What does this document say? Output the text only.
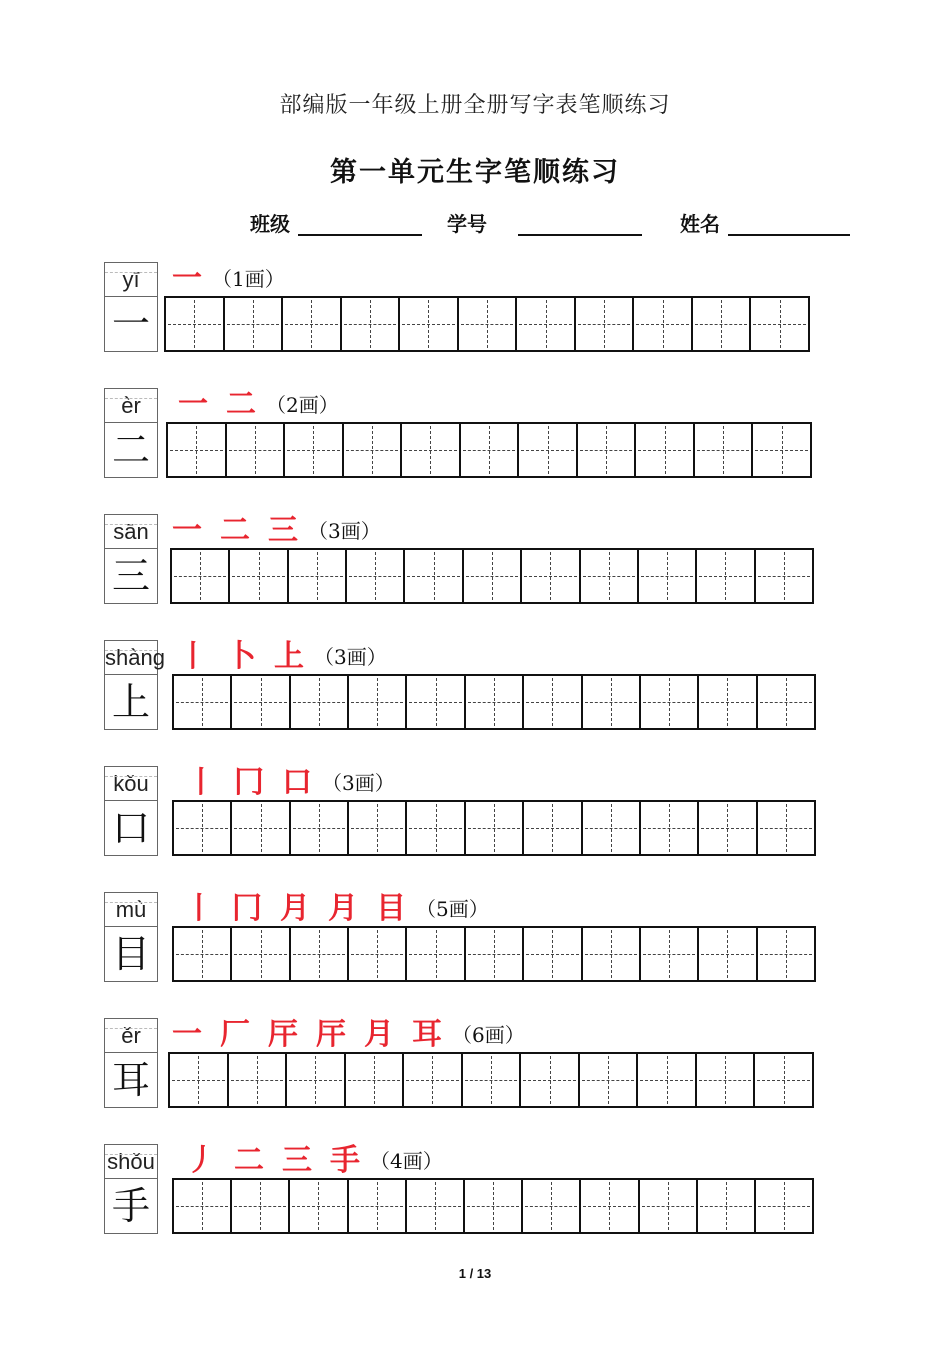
部编版一年级上册全册写字表笔顺练习
第一单元生字笔顺练习
班级	学号	姓名
yī
一
一 （1画）
èr
二
一 二 （2画）
sān
三
一 二 三 （3画）
shàng
上
丨 卜 上 （3画）
kǒu
口
丨 冂 口 （3画）
mù
目
丨 冂 月 月 目 （5画）
ěr
耳
一 厂 厈 厈 月 耳 （6画）
shǒu
手
丿 二 三 手 （4画）
1 / 13
